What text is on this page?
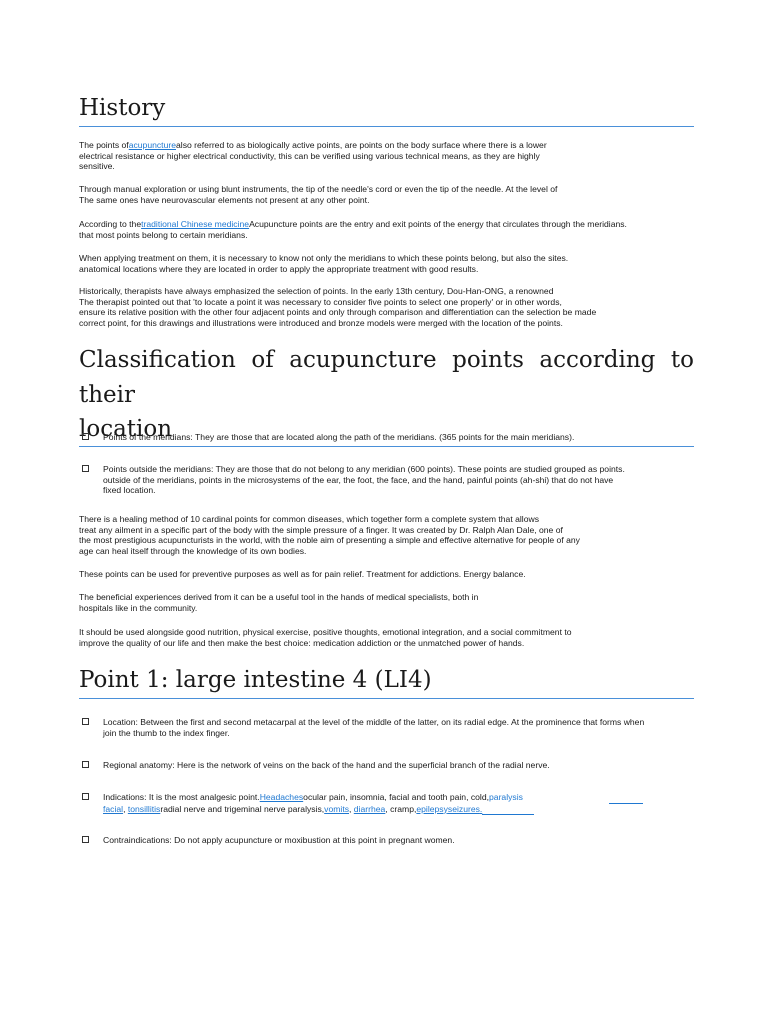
History

The points ofacupuncturealso referred to as biologically active points, are points on the body surface where there is a lower

electrical resistance or higher electrical conductivity, this can be verified using various technical means, as they are highly

sensitive.

Through manual exploration or using blunt instruments, the tip of the needle's cord or even the tip of the needle. At the level of

The same ones have neurovascular elements not present at any other point.

According to thetraditional Chinese medicineAcupuncture points are the entry and exit points of the energy that circulates through the meridians.

that most points belong to certain meridians.

When applying treatment on them, it is necessary to know not only the meridians to which these points belong, but also the sites.

anatomical locations where they are located in order to apply the appropriate treatment with good results.

Historically, therapists have always emphasized the selection of points. In the early 13th century, Dou-Han-ONG, a renowned

The therapist pointed out that 'to locate a point it was necessary to consider five points to select one properly' or in other words,

ensure its relative position with the other four adjacent points and only through comparison and differentiation can the selection be made

correct point, for this drawings and illustrations were introduced and bronze models were merged with the location of the points.

Classification of acupuncture points according to their
location
Points of the meridians: They are those that are located along the path of the meridians. (365 points for the main meridians).
Points outside the meridians: They are those that do not belong to any meridian (600 points). These points are studied grouped as points.
outside of the meridians, points in the microsystems of the ear, the foot, the face, and the hand, painful points (ah-shi) that do not have
fixed location.

There is a healing method of 10 cardinal points for common diseases, which together form a complete system that allows

treat any ailment in a specific part of the body with the simple pressure of a finger. It was created by Dr. Ralph Alan Dale, one of

the most prestigious acupuncturists in the world, with the noble aim of presenting a simple and effective alternative for people of any

age can heal itself through the knowledge of its own bodies.

These points can be used for preventive purposes as well as for pain relief. Treatment for addictions. Energy balance.

The beneficial experiences derived from it can be a useful tool in the hands of medical specialists, both in

hospitals like in the community.

It should be used alongside good nutrition, physical exercise, positive thoughts, emotional integration, and a social commitment to

improve the quality of our life and then make the best choice: medication addiction or the unmatched power of hands.

Point 1: large intestine 4 (LI4)
Location: Between the first and second metacarpal at the level of the middle of the latter, on its radial edge. At the prominence that forms when
join the thumb to the index finger.
Regional anatomy: Here is the network of veins on the back of the hand and the superficial branch of the radial nerve.
Indications: It is the most analgesic point.Headachesocular pain, insomnia, facial and tooth pain, cold,paralysis
facial, tonsillitisradial nerve and trigeminal nerve paralysis,vomits, diarrhea, cramp,epilepsyseizures.
Contraindications: Do not apply acupuncture or moxibustion at this point in pregnant women.
